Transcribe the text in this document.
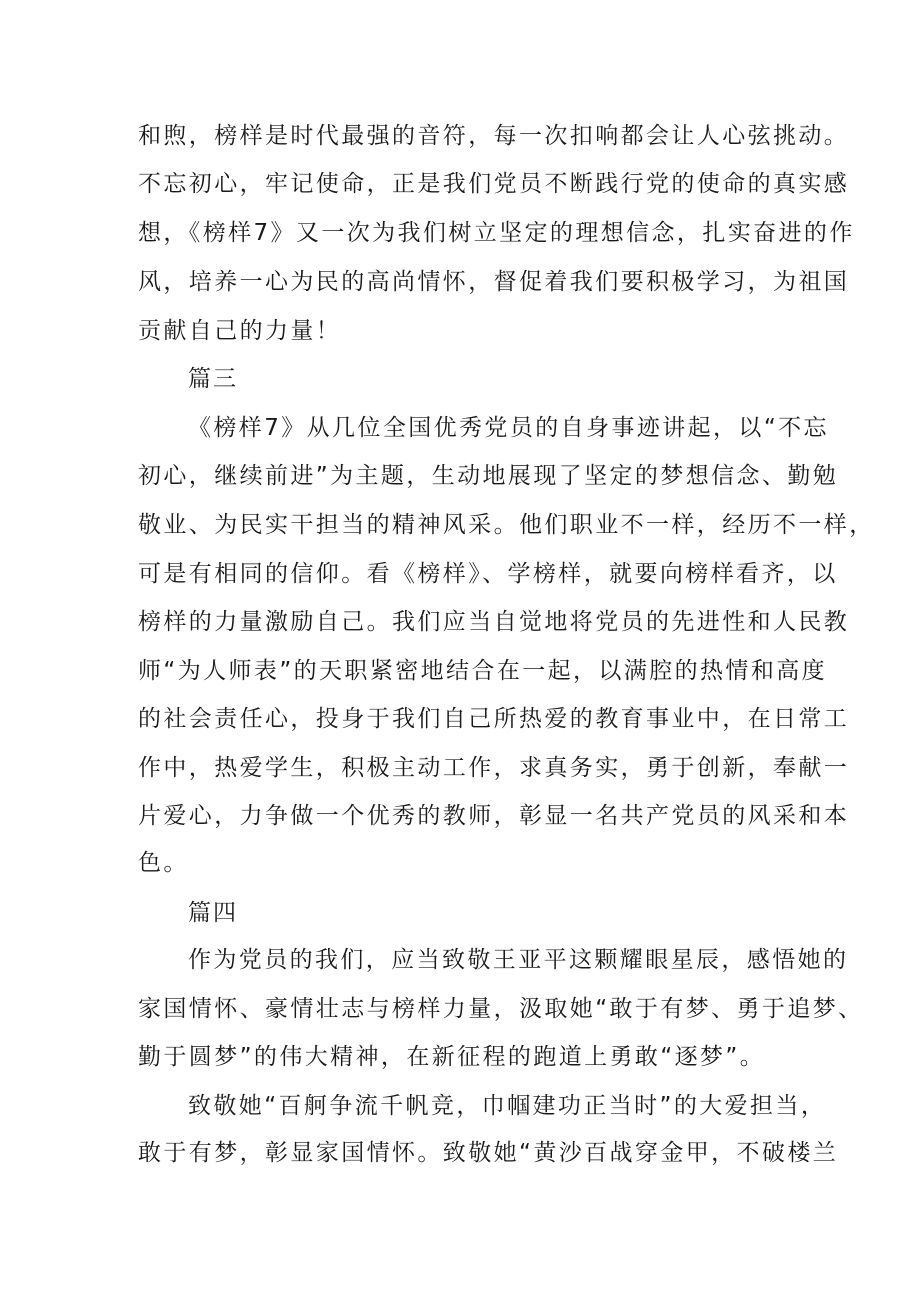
和煦，榜样是时代最强的音符，每一次扣响都会让人心弦挑动。
不忘初心，牢记使命，正是我们党员不断践行党的使命的真实感
想，《榜样7》又一次为我们树立坚定的理想信念，扎实奋进的作
风，培养一心为民的高尚情怀，督促着我们要积极学习，为祖国
贡献自己的力量！
篇三
《榜样7》从几位全国优秀党员的自身事迹讲起，以“不忘
初心，继续前进”为主题，生动地展现了坚定的梦想信念、勤勉
敬业、为民实干担当的精神风采。他们职业不一样，经历不一样，
可是有相同的信仰。看《榜样》、学榜样，就要向榜样看齐，以
榜样的力量激励自己。我们应当自觉地将党员的先进性和人民教
师“为人师表”的天职紧密地结合在一起，以满腔的热情和高度
的社会责任心，投身于我们自己所热爱的教育事业中，在日常工
作中，热爱学生，积极主动工作，求真务实，勇于创新，奉献一
片爱心，力争做一个优秀的教师，彰显一名共产党员的风采和本
色。
篇四
作为党员的我们，应当致敬王亚平这颗耀眼星辰，感悟她的
家国情怀、豪情壮志与榜样力量，汲取她“敢于有梦、勇于追梦、
勤于圆梦”的伟大精神，在新征程的跑道上勇敢“逐梦”。
致敬她“百舸争流千帆竞，巾帼建功正当时”的大爱担当，
敢于有梦，彰显家国情怀。致敬她“黄沙百战穿金甲，不破楼兰
